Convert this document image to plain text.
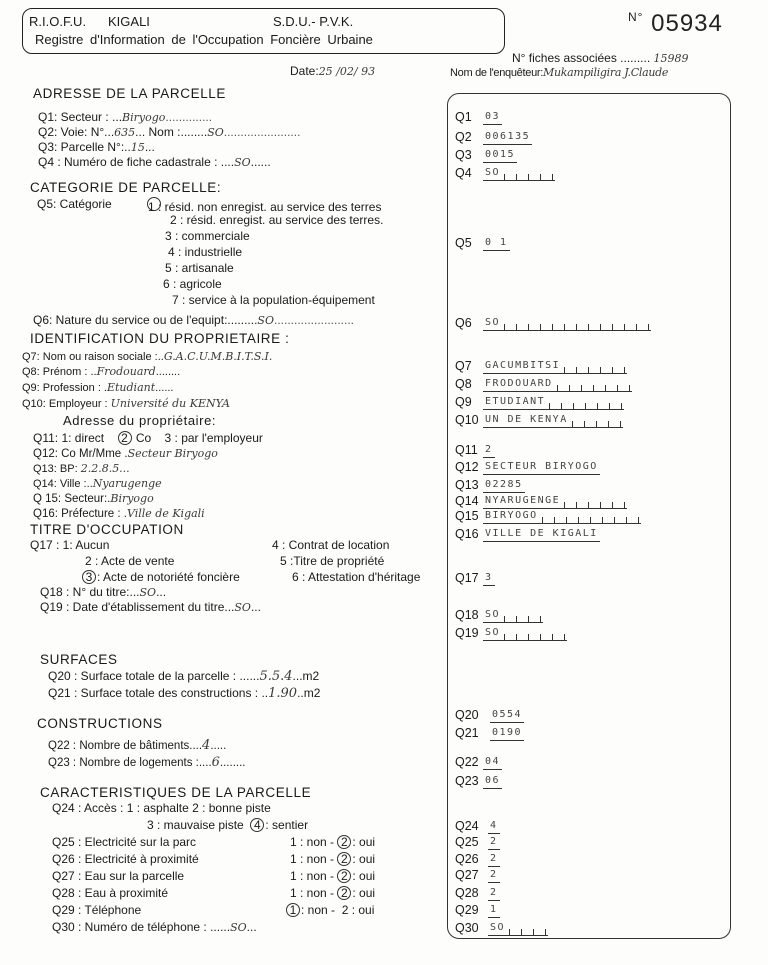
R.I.O.F.U. KIGALI	S.D.U.- P.V.K.
Registre d'Information de l'Occupation Foncière Urbaine
$^{N^\circ}$ 05934
N° fiches associées ......... 15989
Date:25 /02/ 93	Nom de l'enquêteur:Mukampiligira J.Claude
ADRESSE DE LA PARCELLE
Q1: Secteur : ...Biryogo..............
Q2: Voie: N°...635... Nom :........SO.......................
Q3: Parcelle N°:..15...
Q4 : Numéro de fiche cadastrale : ....SO......
CATEGORIE DE PARCELLE:
Q5: Catégorie	1 : résid. non enregist. au service des terres
2 : résid. enregist. au service des terres.
3 : commerciale
4 : industrielle
5 : artisanale
6 : agricole
7 : service à la population-équipement
Q6: Nature du service ou de l'equipt:.........SO........................
IDENTIFICATION DU PROPRIETAIRE :
Q7: Nom ou raison sociale :..G.A.C.U.M.B.I.T.S.I.
Q8: Prénom : ..Frodouard........
Q9: Profession : .Etudiant......
Q10: Employeur : Université du KENYA
Adresse du propriétaire:
Q11: 1: direct 2 Co 3 : par l'employeur
Q12: Co Mr/Mme .Secteur Biryogo
Q13: BP: 2.2.8.5...
Q14: Ville :..Nyarugenge
Q 15: Secteur:.Biryogo
Q16: Préfecture : .Ville de Kigali
TITRE D'OCCUPATION
Q17 : 1: Aucun	4 : Contrat de location
2 : Acte de vente	5 :Titre de propriété
3 : Acte de notoriété foncière	6 : Attestation d'héritage
Q18 : N° du titre:...SO...
Q19 : Date d'établissement du titre...SO...
SURFACES
Q20 : Surface totale de la parcelle : ......5.5.4...m2
Q21 : Surface totale des constructions : ..1.90..m2
CONSTRUCTIONS
Q22 : Nombre de bâtiments....4.....
Q23 : Nombre de logements :....6........
CARACTERISTIQUES DE LA PARCELLE
Q24 : Accès : 1 : asphalte 2 : bonne piste
3 : mauvaise piste 4 : sentier
Q25 : Electricité sur la parc	1 : non - 2 : oui
Q26 : Electricité à proximité	1 : non - 2 : oui
Q27 : Eau sur la parcelle	1 : non - 2 : oui
Q28 : Eau à proximité	1 : non - 2 : oui
Q29 : Téléphone	1 : non - 2 : oui
Q30 : Numéro de téléphone : ......SO...
Q1 03
Q2 006135
Q3 0015
Q4 SO
Q5 0 1
Q6 SO
Q7 GACUMBITSI
Q8 FRODOUARD
Q9 ETUDIANT
Q10 UN DE KENYA
Q11 2
Q12 SECTEUR BIRYOGO
Q13 02285
Q14 NYARUGENGE
Q15 BIRYOGO
Q16 VILLE DE KIGALI
Q17 3
Q18 SO
Q19 SO
Q20 0554
Q21 0190
Q22 04
Q23 06
Q24 4
Q25 2
Q26 2
Q27 2
Q28 2
Q29 1
Q30 SO
